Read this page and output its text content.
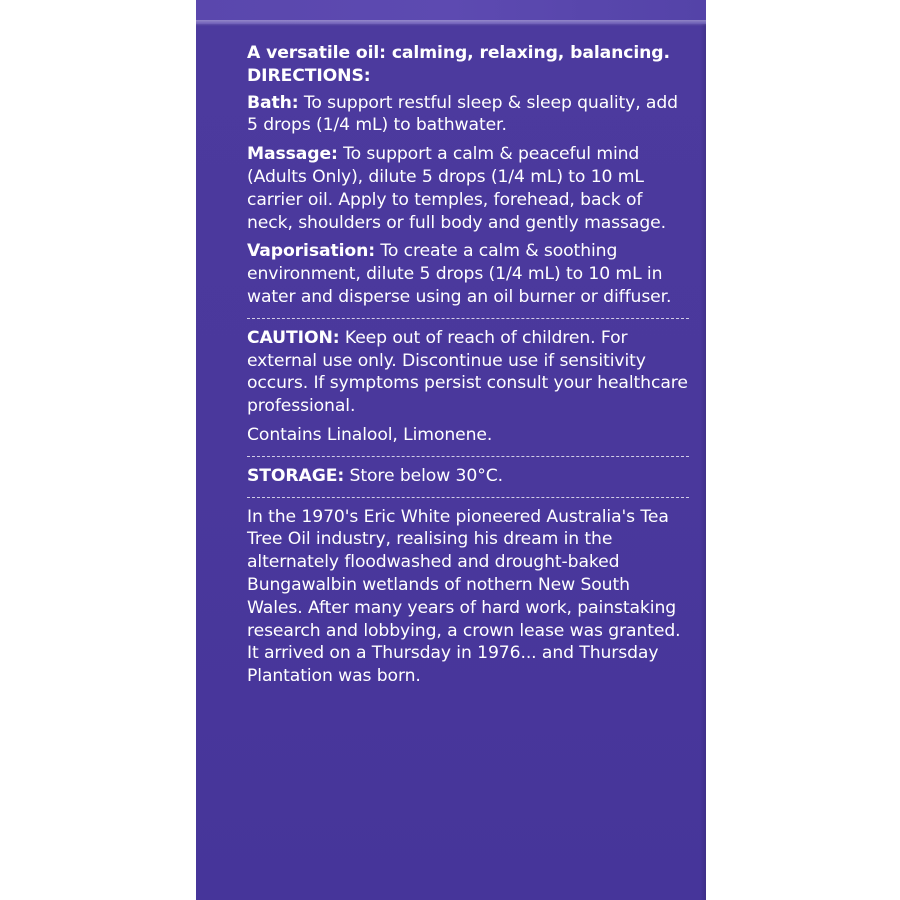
A versatile oil: calming, relaxing, balancing.

DIRECTIONS:

Bath: To support restful sleep & sleep quality, add 5 drops (1/4 mL) to bathwater.

Massage: To support a calm & peaceful mind (Adults Only), dilute 5 drops (1/4 mL) to 10 mL carrier oil. Apply to temples, forehead, back of neck, shoulders or full body and gently massage.

Vaporisation: To create a calm & soothing environment, dilute 5 drops (1/4 mL) to 10 mL in water and disperse using an oil burner or diffuser.

CAUTION: Keep out of reach of children. For external use only. Discontinue use if sensitivity occurs. If symptoms persist consult your healthcare professional.

Contains Linalool, Limonene.

STORAGE: Store below 30°C.

In the 1970's Eric White pioneered Australia's Tea Tree Oil industry, realising his dream in the alternately floodwashed and drought-baked Bungawalbin wetlands of nothern New South Wales. After many years of hard work, painstaking research and lobbying, a crown lease was granted. It arrived on a Thursday in 1976... and Thursday Plantation was born.
